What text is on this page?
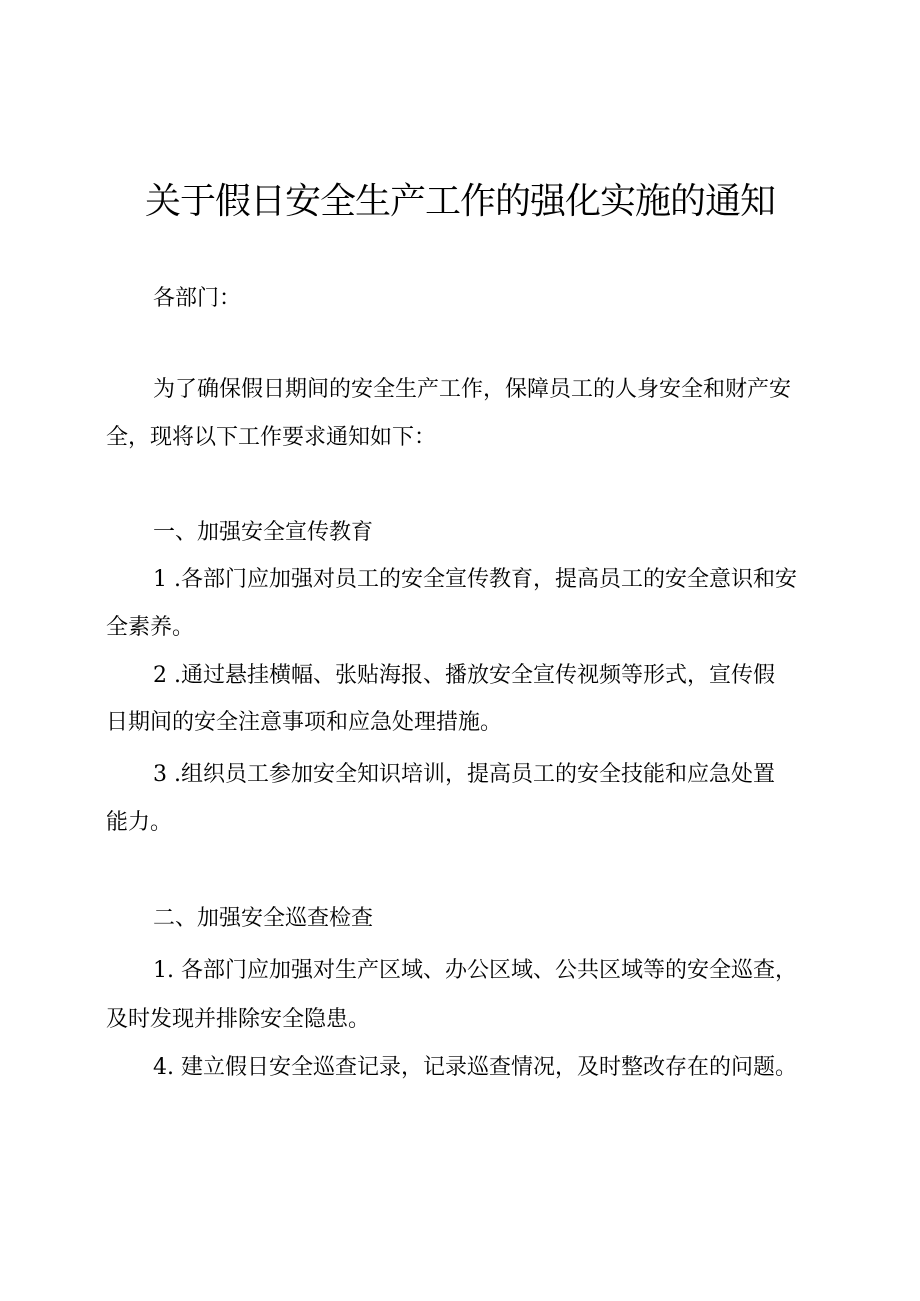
关于假日安全生产工作的强化实施的通知
各部门：
为了确保假日期间的安全生产工作，保障员工的人身安全和财产安
全，现将以下工作要求通知如下：
一、加强安全宣传教育
1 .各部门应加强对员工的安全宣传教育，提高员工的安全意识和安
全素养。
2 .通过悬挂横幅、张贴海报、播放安全宣传视频等形式，宣传假
日期间的安全注意事项和应急处理措施。
3 .组织员工参加安全知识培训，提高员工的安全技能和应急处置
能力。
二、加强安全巡查检查
1. 各部门应加强对生产区域、办公区域、公共区域等的安全巡查，
及时发现并排除安全隐患。
4. 建立假日安全巡查记录，记录巡查情况，及时整改存在的问题。
